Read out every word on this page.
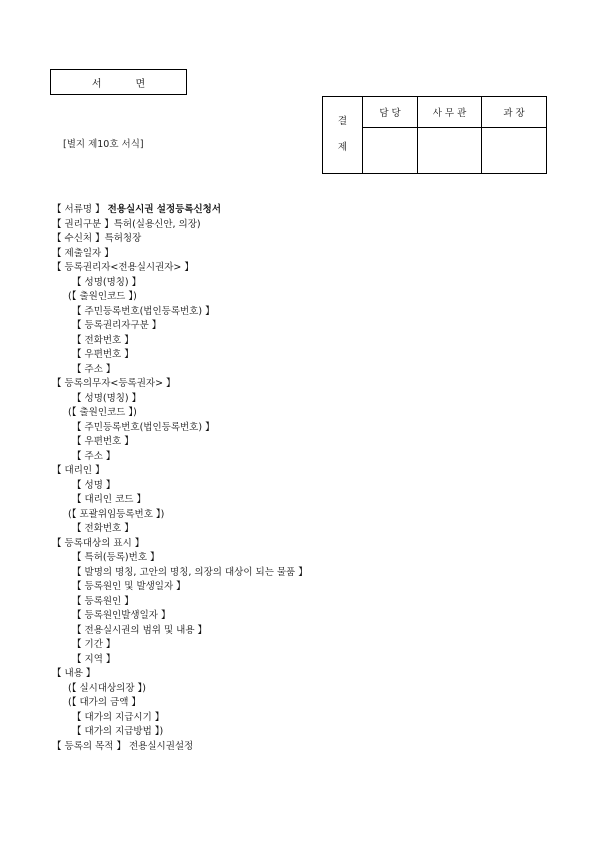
서면
[별지 제10호 서식]
결
제	담 당	사 무 관	과 장

【 서류명 】 전용실시권 설정등록신청서
【 권리구분 】특허(실용신안, 의장)
【 수신처 】특허청장
【 제출일자 】
【 등록권리자<전용실시권자> 】
【 성명(명칭) 】
(【 출원인코드 】)
【 주민등록번호(법인등록번호) 】
【 등록권리자구분 】
【 전화번호 】
【 우편번호 】
【 주소 】
【 등록의무자<등록권자> 】
【 성명(명칭) 】
(【 출원인코드 】)
【 주민등록번호(법인등록번호) 】
【 우편번호 】
【 주소 】
【 대리인 】
【 성명 】
【 대리인 코드 】
(【 포괄위임등록번호 】)
【 전화번호 】
【 등록대상의 표시 】
【 특허(등록)번호 】
【 발명의 명칭, 고안의 명칭, 의장의 대상이 되는 물품 】
【 등록원인 및 발생일자 】
【 등록원인 】
【 등록원인발생일자 】
【 전용실시권의 범위 및 내용 】
【 기간 】
【 지역 】
【 내용 】
(【 실시대상의장 】)
(【 대가의 금액 】
【 대가의 지급시기 】
【 대가의 지급방법 】)
【 등록의 목적 】 전용실시권설정
